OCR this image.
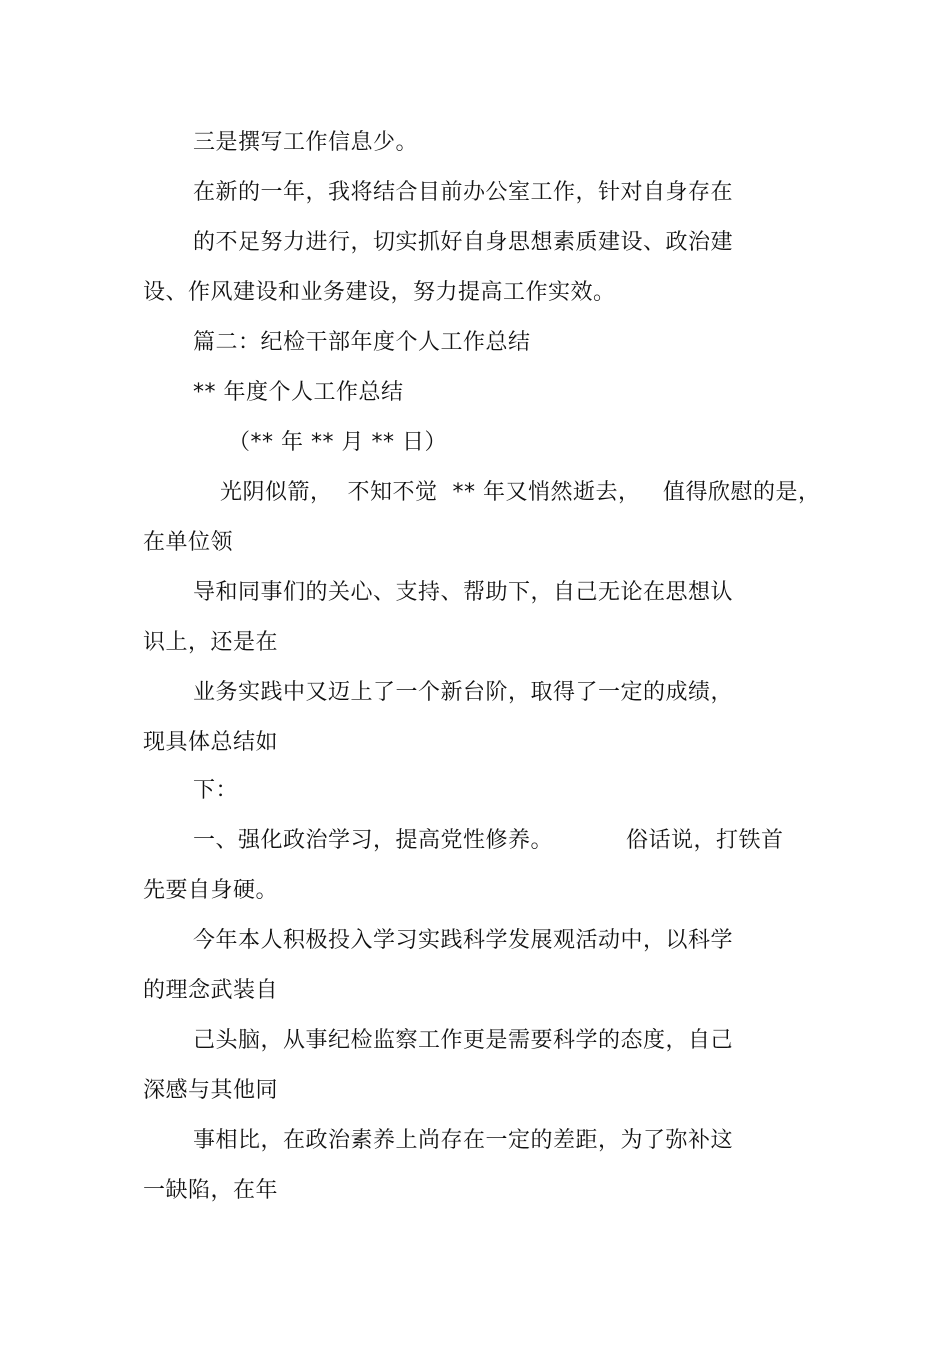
三是撰写工作信息少。
在新的一年，我将结合目前办公室工作，针对自身存在
的不足努力进行，切实抓好自身思想素质建设、政治建
设、作风建设和业务建设，努力提高工作实效。
篇二：纪检干部年度个人工作总结
** 年度个人工作总结
（** 年 ** 月 ** 日）
光阴似箭，  不知不觉  ** 年又悄然逝去，   值得欣慰的是，
在单位领
导和同事们的关心、支持、帮助下，自己无论在思想认
识上，还是在
业务实践中又迈上了一个新台阶，取得了一定的成绩，
现具体总结如
下：
一、强化政治学习，提高党性修养。	俗话说，打铁首
先要自身硬。
今年本人积极投入学习实践科学发展观活动中，以科学
的理念武装自
己头脑，从事纪检监察工作更是需要科学的态度，自己
深感与其他同
事相比，在政治素养上尚存在一定的差距，为了弥补这
一缺陷，在年
